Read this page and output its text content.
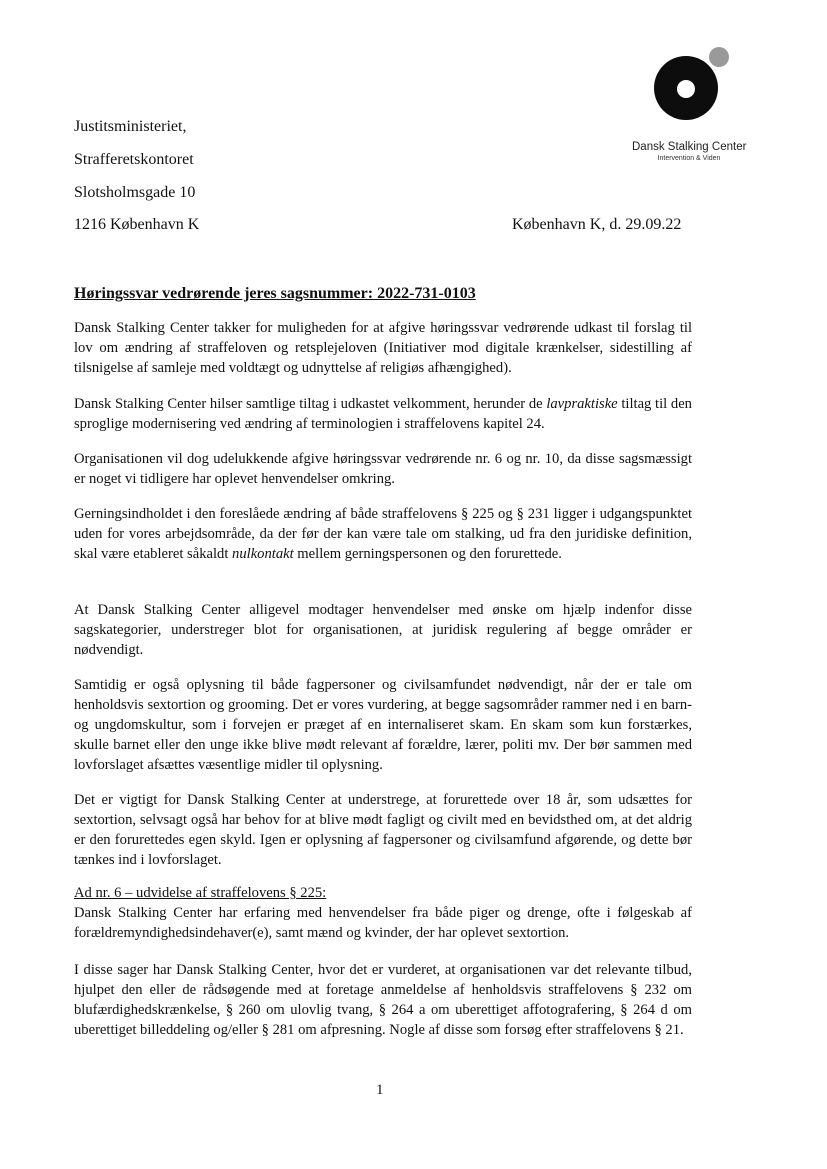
Justitsministeriet,
Strafferetskontoret
Slotsholmsgade 10
1216 København K
Dansk Stalking Center
Intervention & Viden
København K, d. 29.09.22
Høringssvar vedrørende jeres sagsnummer: 2022-731-0103

Dansk Stalking Center takker for muligheden for at afgive høringssvar vedrørende udkast til forslag til lov om ændring af straffeloven og retsplejeloven (Initiativer mod digitale krænkelser, sidestilling af tilsnigelse af samleje med voldtægt og udnyttelse af religiøs afhængighed).

Dansk Stalking Center hilser samtlige tiltag i udkastet velkomment, herunder de lavpraktiske tiltag til den sproglige modernisering ved ændring af terminologien i straffelovens kapitel 24.

Organisationen vil dog udelukkende afgive høringssvar vedrørende nr. 6 og nr. 10, da disse sagsmæssigt er noget vi tidligere har oplevet henvendelser omkring.

Gerningsindholdet i den foreslåede ændring af både straffelovens § 225 og § 231 ligger i udgangspunktet uden for vores arbejdsområde, da der før der kan være tale om stalking, ud fra den juridiske definition, skal være etableret såkaldt nulkontakt mellem gerningspersonen og den forurettede.

At Dansk Stalking Center alligevel modtager henvendelser med ønske om hjælp indenfor disse sagskategorier, understreger blot for organisationen, at juridisk regulering af begge områder er nødvendigt.

Samtidig er også oplysning til både fagpersoner og civilsamfundet nødvendigt, når der er tale om henholdsvis sextortion og grooming. Det er vores vurdering, at begge sagsområder rammer ned i en barn- og ungdomskultur, som i forvejen er præget af en internaliseret skam. En skam som kun forstærkes, skulle barnet eller den unge ikke blive mødt relevant af forældre, lærer, politi mv. Der bør sammen med lovforslaget afsættes væsentlige midler til oplysning.

Det er vigtigt for Dansk Stalking Center at understrege, at forurettede over 18 år, som udsættes for sextortion, selvsagt også har behov for at blive mødt fagligt og civilt med en bevidsthed om, at det aldrig er den forurettedes egen skyld. Igen er oplysning af fagpersoner og civilsamfund afgørende, og dette bør tænkes ind i lovforslaget.

Ad nr. 6 – udvidelse af straffelovens § 225:
Dansk Stalking Center har erfaring med henvendelser fra både piger og drenge, ofte i følgeskab af forældremyndighedsindehaver(e), samt mænd og kvinder, der har oplevet sextortion.

I disse sager har Dansk Stalking Center, hvor det er vurderet, at organisationen var det relevante tilbud, hjulpet den eller de rådsøgende med at foretage anmeldelse af henholdsvis straffelovens § 232 om blufærdighedskrænkelse, § 260 om ulovlig tvang, § 264 a om uberettiget affotografering, § 264 d om uberettiget billeddeling og/eller § 281 om afpresning. Nogle af disse som forsøg efter straffelovens § 21.

1
